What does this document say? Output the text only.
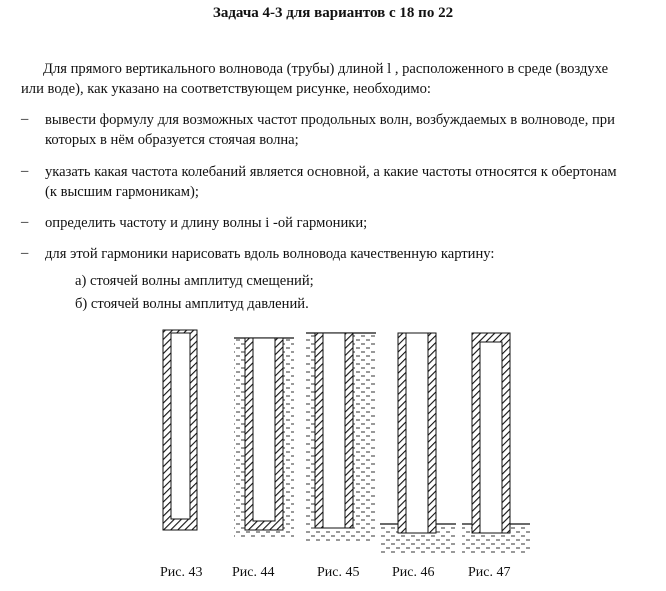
Задача 4-3 для вариантов с 18 по 22
Для прямого вертикального волновода (трубы) длиной l , расположенного в среде (воздухе
или воде), как указано на соответствующем рисунке, необходимо:
– вывести формулу для возможных частот продольных волн, возбуждаемых в волноводе, при
которых в нём образуется стоячая волна;
– указать какая частота колебаний является основной, а какие частоты относятся к обертонам
(к высшим гармоникам);
– определить частоту и длину волны i -ой гармоники;
– для этой гармоники нарисовать вдоль волновода качественную картину:
а) стоячей волны амплитуд смещений;
б) стоячей волны амплитуд давлений.
Рис. 43 Рис. 44	Рис. 45 Рис. 46 Рис. 47
